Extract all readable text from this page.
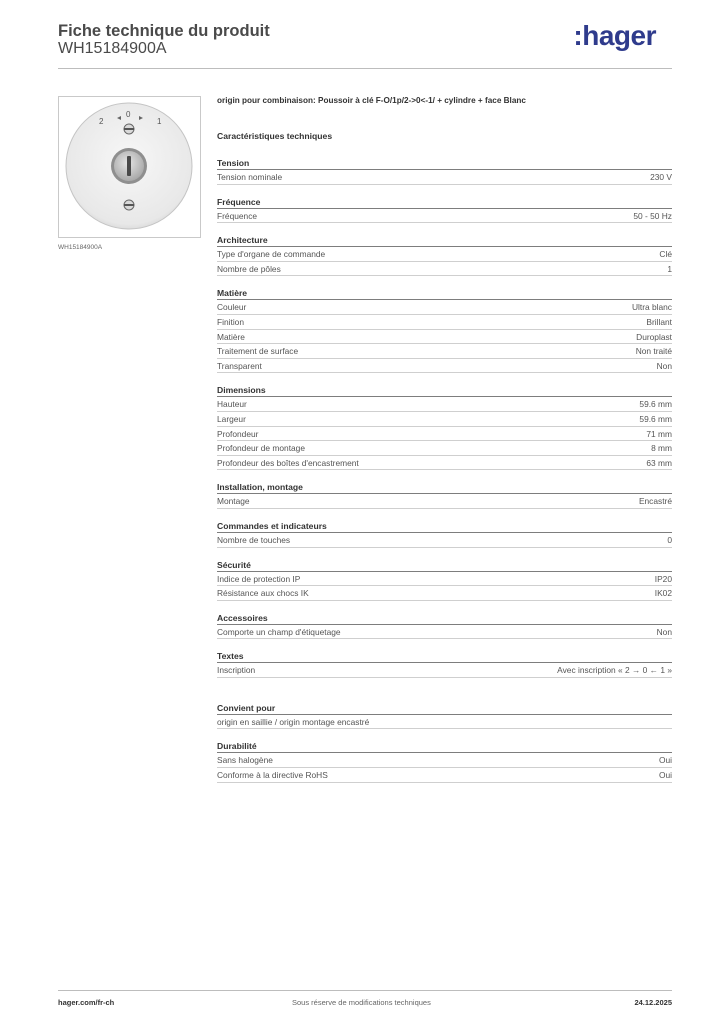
Fiche technique du produit
WH15184900A	:hager
2
0
1
WH15184900A
origin pour combinaison: Poussoir à clé F-O/1p/2->0<-1/ + cylindre + face Blanc
Caractéristiques techniques
Tension
Tension nominale	230 V
Fréquence
Fréquence	50 - 50 Hz
Architecture
Type d'organe de commande	Clé
Nombre de pôles	1
Matière
Couleur	Ultra blanc
Finition	Brillant
Matière	Duroplast
Traitement de surface	Non traité
Transparent	Non
Dimensions
Hauteur	59.6 mm
Largeur	59.6 mm
Profondeur	71 mm
Profondeur de montage	8 mm
Profondeur des boîtes d'encastrement	63 mm
Installation, montage
Montage	Encastré
Commandes et indicateurs
Nombre de touches	0
Sécurité
Indice de protection IP	IP20
Résistance aux chocs IK	IK02
Accessoires
Comporte un champ d'étiquetage	Non
Textes
Inscription	Avec inscription « 2 → 0 ← 1 »
Convient pour
origin en saillie / origin montage encastré
Durabilité
Sans halogène	Oui
Conforme à la directive RoHS	Oui
hager.com/fr-ch	Sous réserve de modifications techniques	24.12.2025
